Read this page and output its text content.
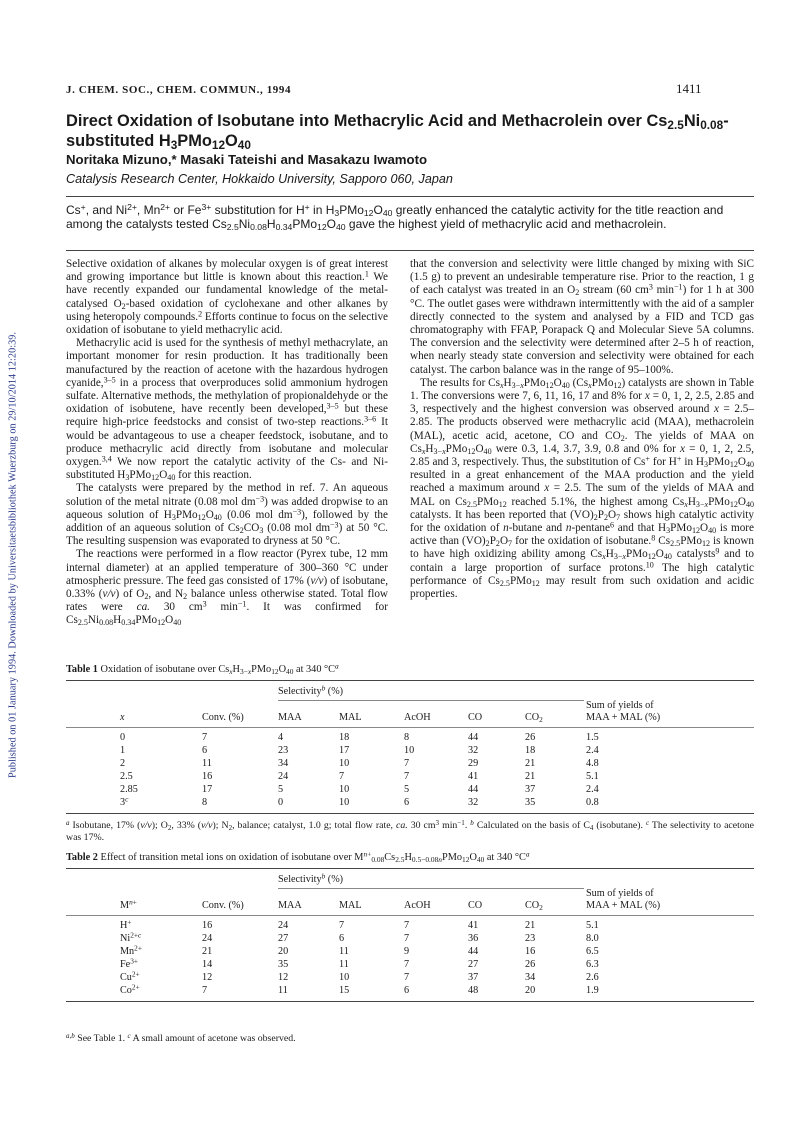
Published on 01 January 1994. Downloaded by Universitaetsbibliothek Wuerzburg on 29/10/2014 12:20:39.
J. CHEM. SOC., CHEM. COMMUN., 1994	1411
Direct Oxidation of Isobutane into Methacrylic Acid and Methacrolein over $Cs_{2.5}Ni_{0.08}$-substituted $H_3PMo_{12}O_{40}$
Noritaka Mizuno,* Masaki Tateishi and Masakazu Iwamoto
Catalysis Research Center, Hokkaido University, Sapporo 060, Japan
Cs+, and $Ni^{2+}$, $Mn^{2+}$ or $Fe^{3+}$ substitution for H+ in $H_3PMo_{12}O_{40}$ greatly enhanced the catalytic activity for the title reaction and among the catalysts tested $Cs_{2.5}Ni_{0.08}H_{0.34}PMo_{12}O_{40}$ gave the highest yield of methacrylic acid and methacrolein.

Selective oxidation of alkanes by molecular oxygen is of great interest and growing importance but little is known about this reaction.$^1$ We have recently expanded our fundamental knowledge of the metal-catalysed $O_2$-based oxidation of cyclohexane and other alkanes by using heteropoly compounds.$^2$ Efforts continue to focus on the selective oxidation of isobutane to yield methacrylic acid.

Methacrylic acid is used for the synthesis of methyl methacrylate, an important monomer for resin production. It has traditionally been manufactured by the reaction of acetone with the hazardous hydrogen cyanide,$^{3-5}$ in a process that overproduces solid ammonium hydrogen sulfate. Alternative methods, the methylation of propionaldehyde or the oxidation of isobutene, have recently been developed,$^{3-5}$ but these require high-price feedstocks and consist of two-step reactions.$^{3-6}$ It would be advantageous to use a cheaper feedstock, isobutane, and to produce methacrylic acid directly from isobutane and molecular oxygen.$^{3,4}$ We now report the catalytic activity of the Cs- and Ni-substituted $H_3PMo_{12}O_{40}$ for this reaction.

The catalysts were prepared by the method in ref. 7. An aqueous solution of the metal nitrate (0.08 mol $dm^{-3}$) was added dropwise to an aqueous solution of $H_3PMo_{12}O_{40}$ (0.06 mol $dm^{-3}$), followed by the addition of an aqueous solution of $Cs_2CO_3$ (0.08 mol $dm^{-3}$) at 50 °C. The resulting suspension was evaporated to dryness at 50 °C.

The reactions were performed in a flow reactor (Pyrex tube, 12 mm internal diameter) at an applied temperature of 300–360 °C under atmospheric pressure. The feed gas consisted of 17% (v/v) of isobutane, 0.33% (v/v) of $O_2$, and $N_2$ balance unless otherwise stated. Total flow rates were ca. 30 $cm^3$ $\min^{-1}$. It was confirmed for $Cs_{2.5}Ni_{0.08}H_{0.34}PMo_{12}O_{40}$

that the conversion and selectivity were little changed by mixing with SiC (1.5 g) to prevent an undesirable temperature rise. Prior to the reaction, 1 g of each catalyst was treated in an $O_2$ stream (60 $cm^3$ $\min^{-1}$) for 1 h at 300 °C. The outlet gases were withdrawn intermittently with the aid of a sampler directly connected to the system and analysed by a FID and TCD gas chromatography with FFAP, Porapack Q and Molecular Sieve 5A columns. The conversion and the selectivity were determined after 2–5 h of reaction, when nearly steady state conversion and selectivity were obtained for each catalyst. The carbon balance was in the range of 95–100%.

The results for $Cs_xH_{3-x}PMo_{12}O_{40}$ $(Cs_xPMo_{12})$ catalysts are shown in Table 1. The conversions were 7, 6, 11, 16, 17 and 8% for x = 0, 1, 2, 2.5, 2.85 and 3, respectively and the highest conversion was observed around x = 2.5–2.85. The products observed were methacrylic acid (MAA), methacrolein (MAL), acetic acid, acetone, CO and $CO_2$. The yields of MAA on $Cs_xH_{3-x}PMo_{12}O_{40}$ were 0.3, 1.4, 3.7, 3.9, 0.8 and 0% for x = 0, 1, 2, 2.5, 2.85 and 3, respectively. Thus, the substitution of Cs+ for H+ in $H_3PMo_{12}O_{40}$ resulted in a great enhancement of the MAA production and the yield reached a maximum around x = 2.5. The sum of the yields of MAA and MAL on $Cs_{2.5}PMo_{12}$ reached 5.1%, the highest among $Cs_xH_{3-x}PMo_{12}O_{40}$ catalysts. It has been reported that $(VO)_2P_2O_7$ shows high catalytic activity for the oxidation of n-butane and n-pentane$^6$ and that $H_3PMo_{12}O_{40}$ is more active than $(VO)_2P_2O_7$ for the oxidation of isobutane.$^8$ $Cs_{2.5}PMo_{12}$ is known to have high oxidizing ability among $Cs_xH_{3-x}PMo_{12}O_{40}$ catalysts$^9$ and to contain a large proportion of surface protons.$^{10}$ The high catalytic performance of $Cs_{2.5}PMo_{12}$ may result from such oxidation and acidic properties.

Table 1 Oxidation of isobutane over $Cs_xH_{3-x}PMo_{12}O_{40}$ at 340 $^\circ C^a$
Selectivity$^b$ (%)
Sum of yields of
MAA + MAL (%)
x	Conv. (%)	MAA	MAL	AcOH	CO	$CO_2$
0	7	4	18	8	44	26	1.5
1	6	23	17	10	32	18	2.4
2	11	34	10	7	29	21	4.8
2.5	16	24	7	7	41	21	5.1
2.85	17	5	10	5	44	37	2.4
3$^c$	8	0	10	6	32	35	0.8
$^a$ Isobutane, 17% (v/v); $O_2$, 33% (v/v); $N_2$, balance; catalyst, 1.0 g; total flow rate, ca. 30 $cm^3$ $\min^{-1}$. $^b$ Calculated on the basis of $C_4$ (isobutane). $^c$ The selectivity to acetone was 17%.
Table 2 Effect of transition metal ions on oxidation of isobutane over $M^{n+}_{0.08}Cs_{2.5}H_{0.5-0.08n}PMo_{12}O_{40}$ at 340 $^\circ C^a$
Selectivity$^b$ (%)
Sum of yields of
MAA + MAL (%)
$M^{n+}$	Conv. (%)	MAA	MAL	AcOH	CO	$CO_2$
H+	16	24	7	7	41	21	5.1
$Ni^{2+c}$	24	27	6	7	36	23	8.0
$Mn^{2+}$	21	20	11	9	44	16	6.5
$Fe^{3+}$	14	35	11	7	27	26	6.3
$Cu^{2+}$	12	12	10	7	37	34	2.6
$Co^{2+}$	7	11	15	6	48	20	1.9
$^{a,b}$ See Table 1. $^c$ A small amount of acetone was observed.
